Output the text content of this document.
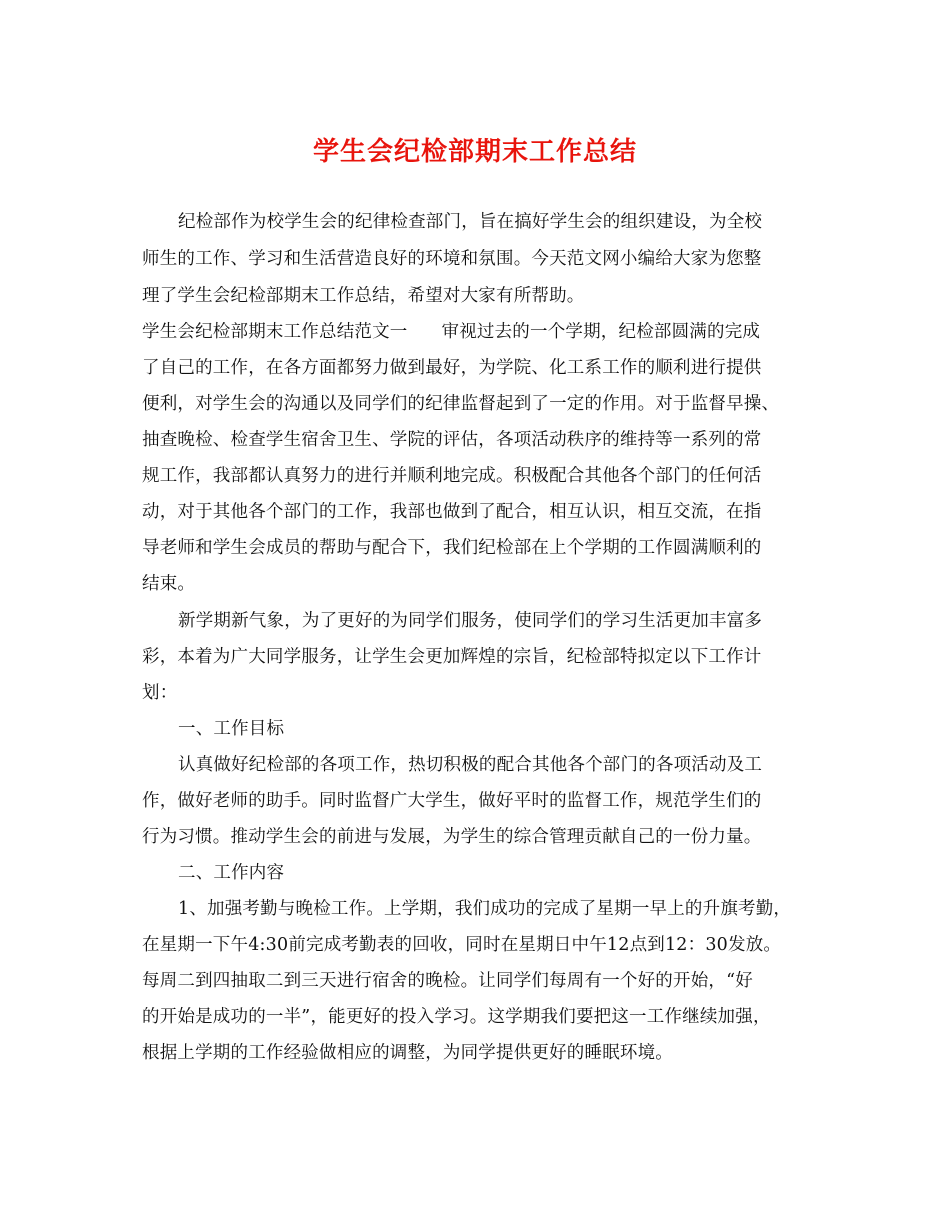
学生会纪检部期末工作总结
纪检部作为校学生会的纪律检查部门，旨在搞好学生会的组织建设，为全校
师生的工作、学习和生活营造良好的环境和氛围。今天范文网小编给大家为您整
理了学生会纪检部期末工作总结，希望对大家有所帮助。
学生会纪检部期末工作总结范文一 审视过去的一个学期，纪检部圆满的完成
了自己的工作，在各方面都努力做到最好，为学院、化工系工作的顺利进行提供
便利，对学生会的沟通以及同学们的纪律监督起到了一定的作用。对于监督早操、
抽查晚检、检查学生宿舍卫生、学院的评估，各项活动秩序的维持等一系列的常
规工作，我部都认真努力的进行并顺利地完成。积极配合其他各个部门的任何活
动，对于其他各个部门的工作，我部也做到了配合，相互认识，相互交流，在指
导老师和学生会成员的帮助与配合下，我们纪检部在上个学期的工作圆满顺利的
结束。
新学期新气象，为了更好的为同学们服务，使同学们的学习生活更加丰富多
彩，本着为广大同学服务，让学生会更加辉煌的宗旨，纪检部特拟定以下工作计
划：
一、工作目标
认真做好纪检部的各项工作，热切积极的配合其他各个部门的各项活动及工
作，做好老师的助手。同时监督广大学生，做好平时的监督工作，规范学生们的
行为习惯。推动学生会的前进与发展，为学生的综合管理贡献自己的一份力量。
二、工作内容
1、加强考勤与晚检工作。上学期，我们成功的完成了星期一早上的升旗考勤，
在星期一下午4:30前完成考勤表的回收，同时在星期日中午12点到12：30发放。
每周二到四抽取二到三天进行宿舍的晚检。让同学们每周有一个好的开始，“好
的开始是成功的一半”，能更好的投入学习。这学期我们要把这一工作继续加强，
根据上学期的工作经验做相应的调整，为同学提供更好的睡眠环境。
